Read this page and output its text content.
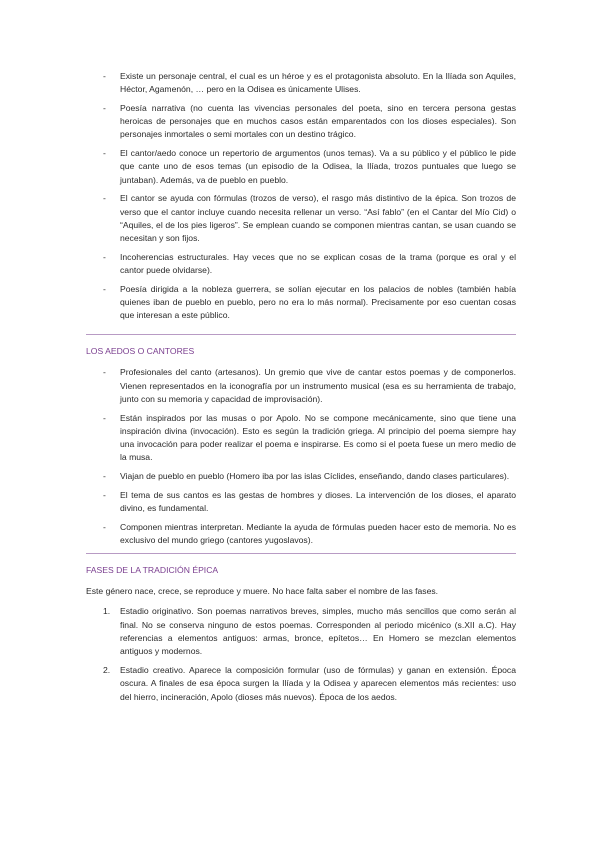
-	Existe un personaje central, el cual es un héroe y es el protagonista absoluto. En la Ilíada son Aquiles, Héctor, Agamenón, … pero en la Odisea es únicamente Ulises.
-	Poesía narrativa (no cuenta las vivencias personales del poeta, sino en tercera persona gestas heroicas de personajes que en muchos casos están emparentados con los dioses especiales). Son personajes inmortales o semi mortales con un destino trágico.
-	El cantor/aedo conoce un repertorio de argumentos (unos temas). Va a su público y el público le pide que cante uno de esos temas (un episodio de la Odisea, la Ilíada, trozos puntuales que luego se juntaban). Además, va de pueblo en pueblo.
-	El cantor se ayuda con fórmulas (trozos de verso), el rasgo más distintivo de la épica. Son trozos de verso que el cantor incluye cuando necesita rellenar un verso. “Así fablo” (en el Cantar del Mío Cid) o “Aquiles, el de los pies ligeros”. Se emplean cuando se componen mientras cantan, se usan cuando se necesitan y son fijos.
-	Incoherencias estructurales. Hay veces que no se explican cosas de la trama (porque es oral y el cantor puede olvidarse).
-	Poesía dirigida a la nobleza guerrera, se solían ejecutar en los palacios de nobles (también había quienes iban de pueblo en pueblo, pero no era lo más normal). Precisamente por eso cuentan cosas que interesan a este público.
LOS AEDOS O CANTORES
-	Profesionales del canto (artesanos). Un gremio que vive de cantar estos poemas y de componerlos. Vienen representados en la iconografía por un instrumento musical (esa es su herramienta de trabajo, junto con su memoria y capacidad de improvisación).
-	Están inspirados por las musas o por Apolo. No se compone mecánicamente, sino que tiene una inspiración divina (invocación). Esto es según la tradición griega. Al principio del poema siempre hay una invocación para poder realizar el poema e inspirarse. Es como si el poeta fuese un mero medio de la musa.
-	Viajan de pueblo en pueblo (Homero iba por las islas Cíclides, enseñando, dando clases particulares).
-	El tema de sus cantos es las gestas de hombres y dioses. La intervención de los dioses, el aparato divino, es fundamental.
-	Componen mientras interpretan. Mediante la ayuda de fórmulas pueden hacer esto de memoria. No es exclusivo del mundo griego (cantores yugoslavos).
FASES DE LA TRADICIÓN ÉPICA

Este género nace, crece, se reproduce y muere. No hace falta saber el nombre de las fases.

1. Estadio originativo. Son poemas narrativos breves, simples, mucho más sencillos que como serán al final. No se conserva ninguno de estos poemas. Corresponden al periodo micénico (s.XII a.C). Hay referencias a elementos antiguos: armas, bronce, epítetos… En Homero se mezclan elementos antiguos y modernos.
2. Estadio creativo. Aparece la composición formular (uso de fórmulas) y ganan en extensión. Época oscura. A finales de esa época surgen la Ilíada y la Odisea y aparecen elementos más recientes: uso del hierro, incineración, Apolo (dioses más nuevos). Época de los aedos.
